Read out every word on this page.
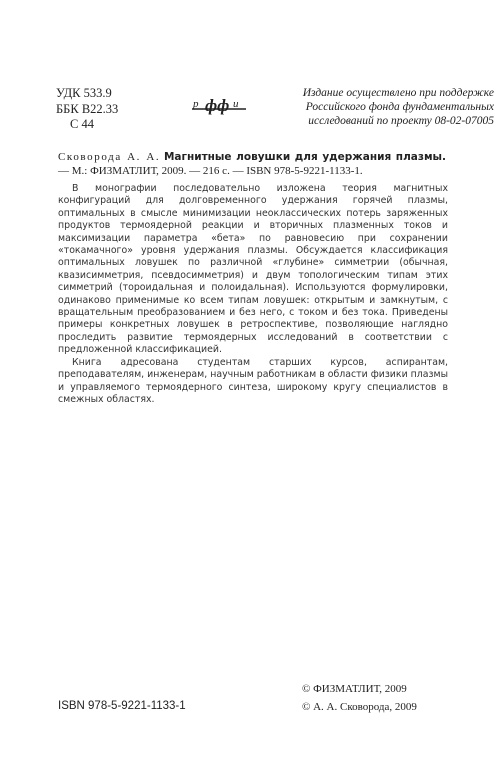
УДК 533.9
ББК В22.33
С 44
р фф и
Издание осуществлено при поддержке
Российского фонда фундаментальных
исследований по проекту 08-02-07005
Сковорода А. А. Магнитные ловушки для удержания плазмы. — М.: ФИЗМАТЛИТ, 2009. — 216 с. — ISBN 978-5-9221-1133-1.

В монографии последовательно изложена теория магнитных конфигураций для долговременного удержания горячей плазмы, оптимальных в смысле минимизации неоклассических потерь заряженных продуктов термоядерной реакции и вторичных плазменных токов и максимизации параметра «бета» по равновесию при сохранении «токамачного» уровня удержания плазмы. Обсуждается классификация оптимальных ловушек по различной «глубине» симметрии (обычная, квазисимметрия, псевдосимметрия) и двум топологическим типам этих симметрий (тороидальная и полоидальная). Используются формулировки, одинаково применимые ко всем типам ловушек: открытым и замкнутым, с вращательным преобразованием и без него, с током и без тока. Приведены примеры конкретных ловушек в ретроспективе, позволяющие наглядно проследить развитие термоядерных исследований в соответствии с предложенной классификацией.

Книга адресована студентам старших курсов, аспирантам, преподавателям, инженерам, научным работникам в области физики плазмы и управляемого термоядерного синтеза, широкому кругу специалистов в смежных областях.

ISBN 978-5-9221-1133-1
© ФИЗМАТЛИТ, 2009
© А. А. Сковорода, 2009
